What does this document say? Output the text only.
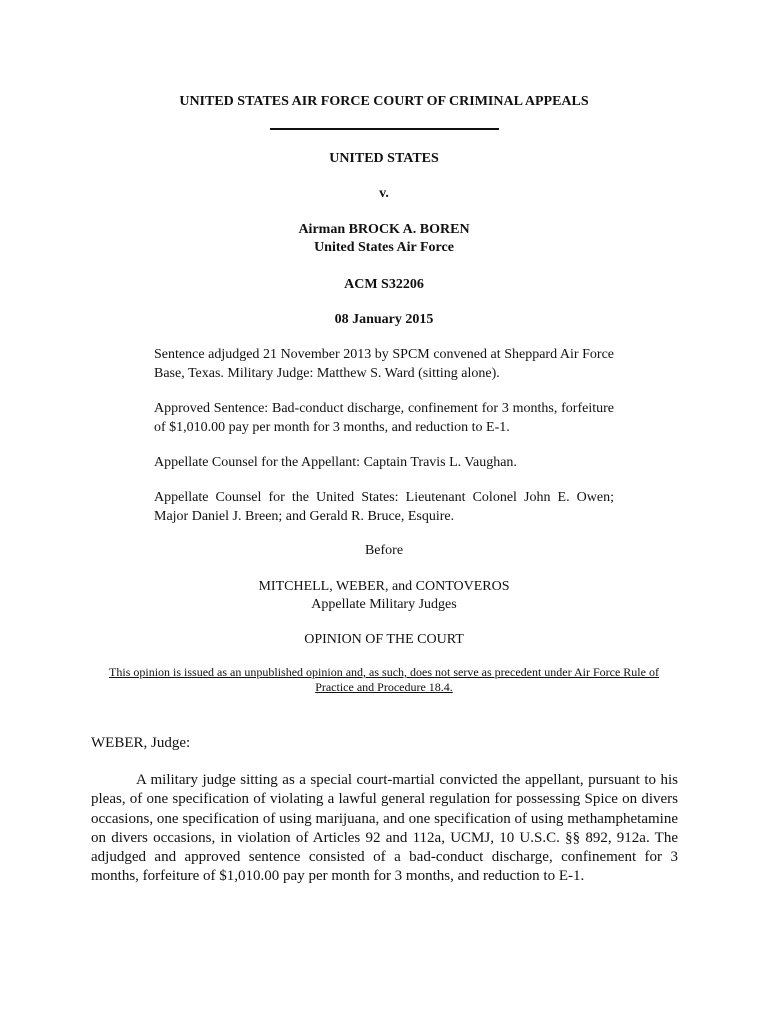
UNITED STATES AIR FORCE COURT OF CRIMINAL APPEALS
UNITED STATES
v.
Airman BROCK A. BOREN
United States Air Force
ACM S32206
08 January 2015
Sentence adjudged 21 November 2013 by SPCM convened at Sheppard Air Force Base, Texas. Military Judge: Matthew S. Ward (sitting alone).
Approved Sentence: Bad-conduct discharge, confinement for 3 months, forfeiture of $1,010.00 pay per month for 3 months, and reduction to E-1.
Appellate Counsel for the Appellant: Captain Travis L. Vaughan.
Appellate Counsel for the United States: Lieutenant Colonel John E. Owen; Major Daniel J. Breen; and Gerald R. Bruce, Esquire.
Before
MITCHELL, WEBER, and CONTOVEROS
Appellate Military Judges
OPINION OF THE COURT
This opinion is issued as an unpublished opinion and, as such, does not serve as precedent under Air Force Rule of Practice and Procedure 18.4.
WEBER, Judge:

A military judge sitting as a special court-martial convicted the appellant, pursuant to his pleas, of one specification of violating a lawful general regulation for possessing Spice on divers occasions, one specification of using marijuana, and one specification of using methamphetamine on divers occasions, in violation of Articles 92 and 112a, UCMJ, 10 U.S.C. §§ 892, 912a. The adjudged and approved sentence consisted of a bad-conduct discharge, confinement for 3 months, forfeiture of $1,010.00 pay per month for 3 months, and reduction to E-1.
